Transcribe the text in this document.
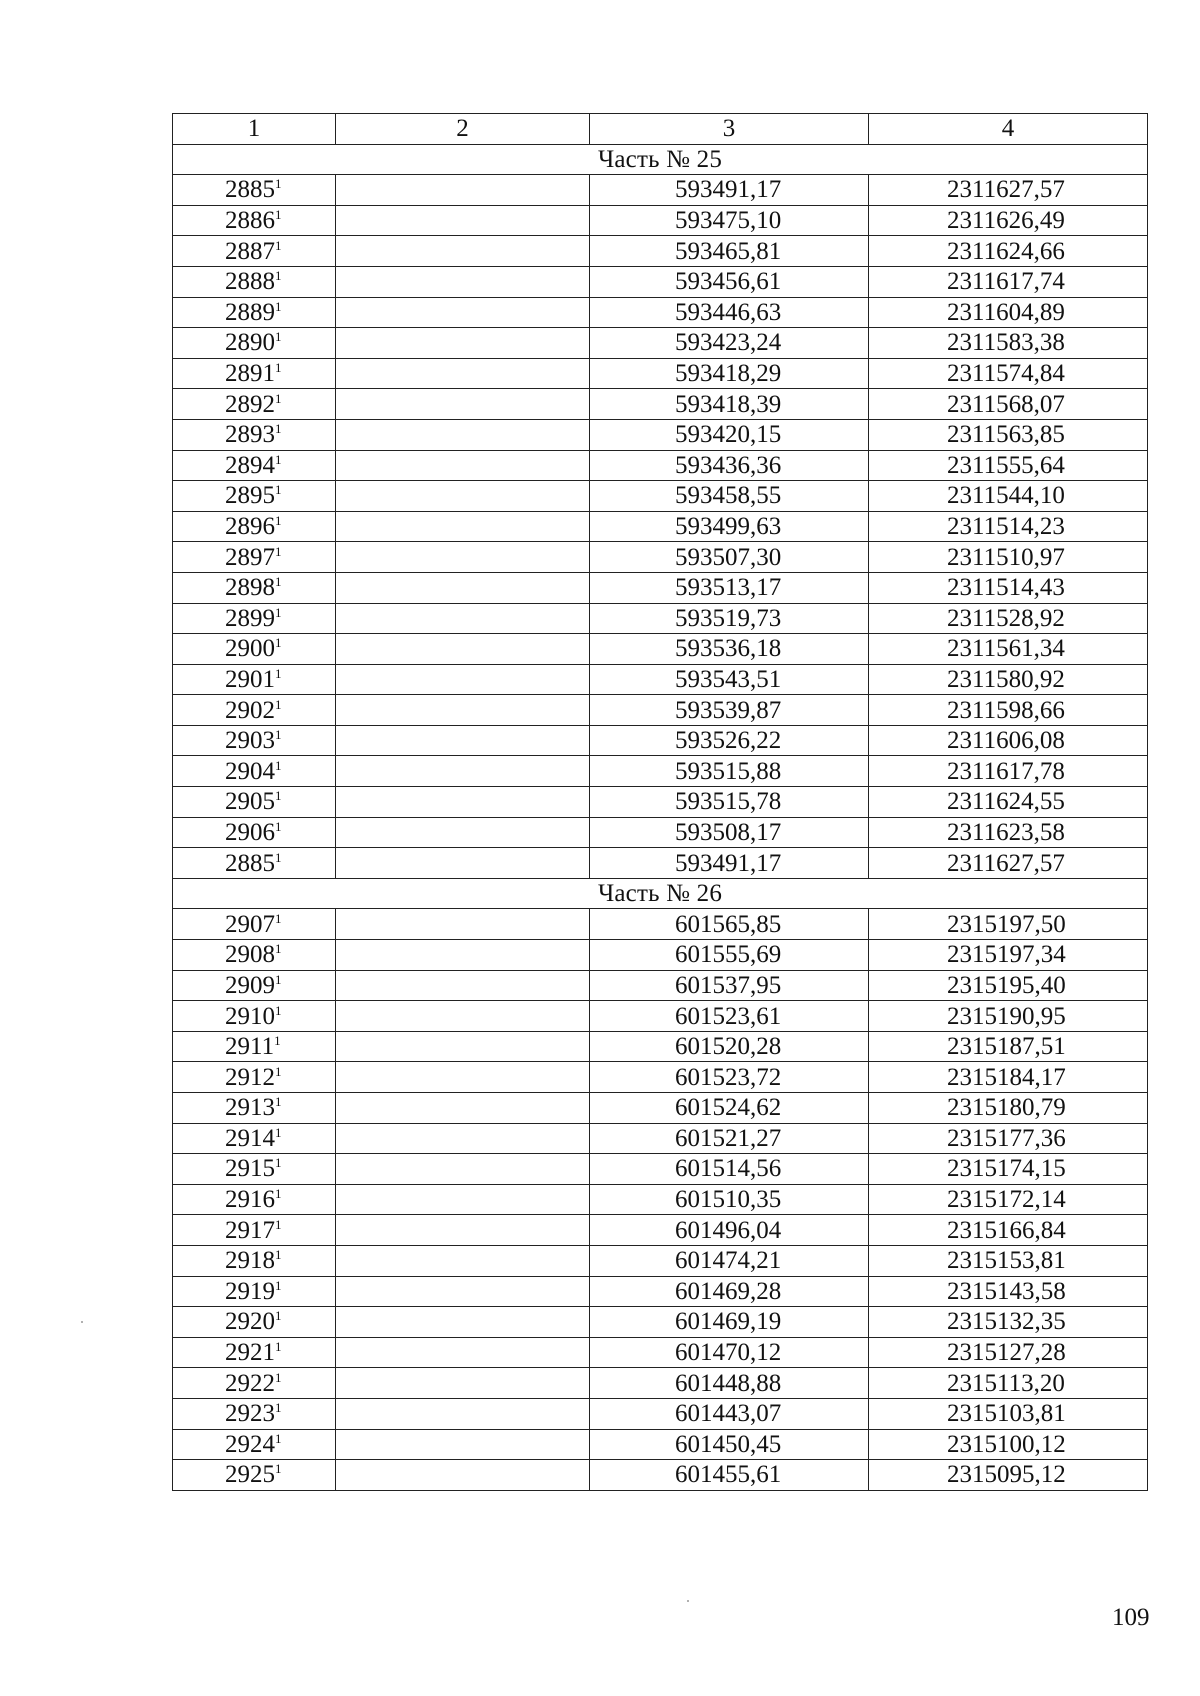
1	2	3	4
Часть № 25			
2885$^1$		593491,17	2311627,57
2886$^1$		593475,10	2311626,49
2887$^1$		593465,81	2311624,66
2888$^1$		593456,61	2311617,74
2889$^1$		593446,63	2311604,89
2890$^1$		593423,24	2311583,38
2891$^1$		593418,29	2311574,84
2892$^1$		593418,39	2311568,07
2893$^1$		593420,15	2311563,85
2894$^1$		593436,36	2311555,64
2895$^1$		593458,55	2311544,10
2896$^1$		593499,63	2311514,23
2897$^1$		593507,30	2311510,97
2898$^1$		593513,17	2311514,43
2899$^1$		593519,73	2311528,92
2900$^1$		593536,18	2311561,34
2901$^1$		593543,51	2311580,92
2902$^1$		593539,87	2311598,66
2903$^1$		593526,22	2311606,08
2904$^1$		593515,88	2311617,78
2905$^1$		593515,78	2311624,55
2906$^1$		593508,17	2311623,58
2885$^1$		593491,17	2311627,57
Часть № 26			
2907$^1$		601565,85	2315197,50
2908$^1$		601555,69	2315197,34
2909$^1$		601537,95	2315195,40
2910$^1$		601523,61	2315190,95
2911$^1$		601520,28	2315187,51
2912$^1$		601523,72	2315184,17
2913$^1$		601524,62	2315180,79
2914$^1$		601521,27	2315177,36
2915$^1$		601514,56	2315174,15
2916$^1$		601510,35	2315172,14
2917$^1$		601496,04	2315166,84
2918$^1$		601474,21	2315153,81
2919$^1$		601469,28	2315143,58
2920$^1$		601469,19	2315132,35
2921$^1$		601470,12	2315127,28
2922$^1$		601448,88	2315113,20
2923$^1$		601443,07	2315103,81
2924$^1$		601450,45	2315100,12
2925$^1$		601455,61	2315095,12
109
